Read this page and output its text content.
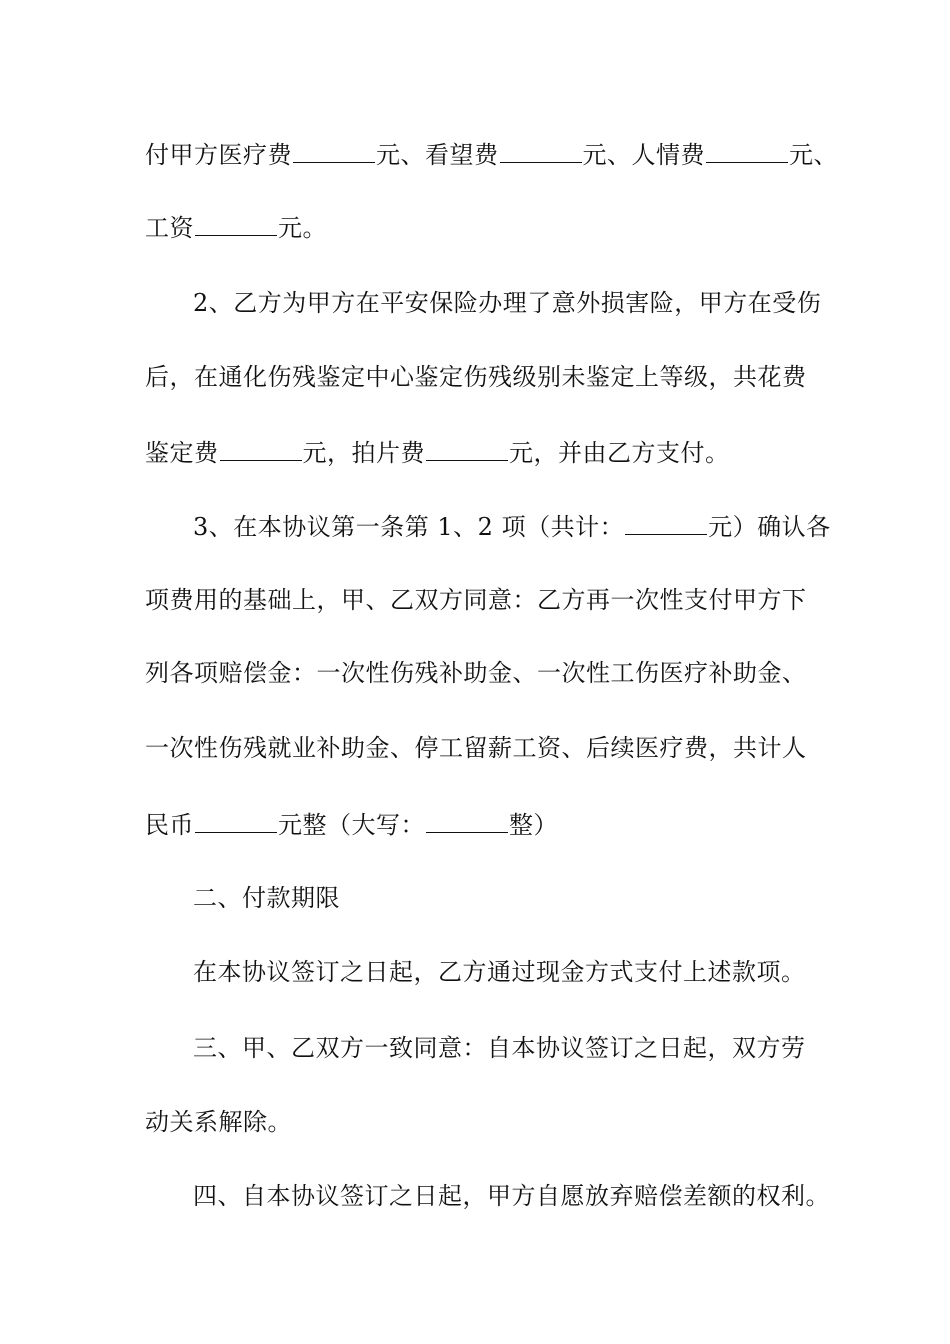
付甲方医疗费	元、看望费	元、人情费	元、
工资	元。
2、乙方为甲方在平安保险办理了意外损害险，甲方在受伤
后，在通化伤残鉴定中心鉴定伤残级别未鉴定上等级，共花费
鉴定费	元，拍片费	元，并由乙方支付。
3、在本协议第一条第 1、2 项（共计：	元）确认各
项费用的基础上，甲、乙双方同意：乙方再一次性支付甲方下
列各项赔偿金：一次性伤残补助金、一次性工伤医疗补助金、
一次性伤残就业补助金、停工留薪工资、后续医疗费，共计人
民币	元整（大写：	整）
二、付款期限
在本协议签订之日起，乙方通过现金方式支付上述款项。
三、甲、乙双方一致同意：自本协议签订之日起，双方劳
动关系解除。
四、自本协议签订之日起，甲方自愿放弃赔偿差额的权利。
